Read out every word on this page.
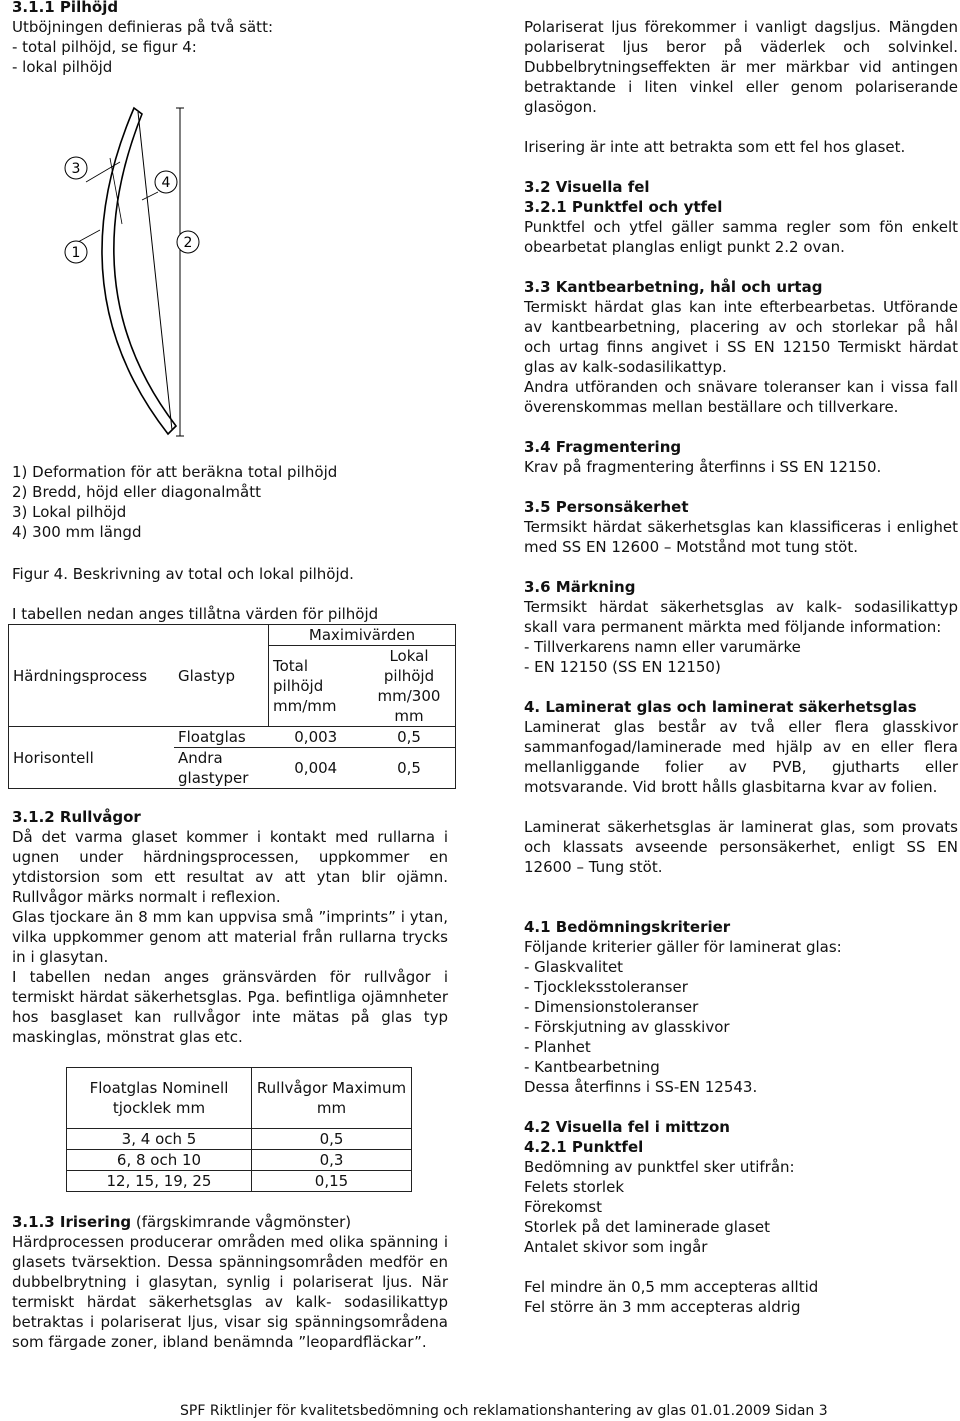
3.1.1 Pilhöjd

Utböjningen definieras på två sätt:

- total pilhöjd, se figur 4:

- lokal pilhöjd

3
4
1
2

1) Deformation för att beräkna total pilhöjd

2) Bredd, höjd eller diagonalmått

3) Lokal pilhöjd

4) 300 mm längd

Figur 4. Beskrivning av total och lokal pilhöjd.

I tabellen nedan anges tillåtna värden för pilhöjd

Härdningsprocess	Glastyp	Maximivärden	
		Total pilhöjd mm/mm	Lokal pilhöjd mm/300 mm
Horisontell	Floatglas	0,003	0,5
	Andra glastyper	0,004	0,5

3.1.2 Rullvågor

Då det varma glaset kommer i kontakt med rullarna i ugnen under härdningsprocessen, uppkommer en ytdistorsion som ett resultat av att ytan blir ojämn. Rullvågor märks normalt i reflexion.

Glas tjockare än 8 mm kan uppvisa små ”imprints” i ytan, vilka uppkommer genom att material från rullarna trycks in i glasytan.

I tabellen nedan anges gränsvärden för rullvågor i termiskt härdat säkerhetsglas. Pga. befintliga ojämnheter hos basglaset kan rullvågor inte mätas på glas typ maskinglas, mönstrat glas etc.

Floatglas Nominell tjocklek mm	Rullvågor Maximum mm
3, 4 och 5	0,5
6, 8 och 10	0,3
12, 15, 19, 25	0,15

3.1.3 Irisering (färgskimrande vågmönster)

Härdprocessen producerar områden med olika spänning i glasets tvärsektion. Dessa spänningsområden medför en dubbelbrytning i glasytan, synlig i polariserat ljus. När termiskt härdat säkerhetsglas av kalk- sodasilikattyp betraktas i polariserat ljus, visar sig spänningsområdena som färgade zoner, ibland benämnda ”leopardfläckar”.

Polariserat ljus förekommer i vanligt dagsljus. Mängden polariserat ljus beror på väderlek och solvinkel. Dubbelbrytningseffekten är mer märkbar vid antingen betraktande i liten vinkel eller genom polariserande glasögon.

Irisering är inte att betrakta som ett fel hos glaset.

3.2 Visuella fel

3.2.1 Punktfel och ytfel

Punktfel och ytfel gäller samma regler som fön enkelt obearbetat planglas enligt punkt 2.2 ovan.

3.3 Kantbearbetning, hål och urtag

Termiskt härdat glas kan inte efterbearbetas. Utförande av kantbearbetning, placering av och storlekar på hål och urtag finns angivet i SS EN 12150 Termiskt härdat glas av kalk-sodasilikattyp.

Andra utföranden och snävare toleranser kan i vissa fall överenskommas mellan beställare och tillverkare.

3.4 Fragmentering

Krav på fragmentering återfinns i SS EN 12150.

3.5 Personsäkerhet

Termsikt härdat säkerhetsglas kan klassificeras i enlighet med SS EN 12600 – Motstånd mot tung stöt.

3.6 Märkning

Termsikt härdat säkerhetsglas av kalk- sodasilikattyp skall vara permanent märkta med följande information:

- Tillverkarens namn eller varumärke

- EN 12150 (SS EN 12150)

4. Laminerat glas och laminerat säkerhetsglas

Laminerat glas består av två eller flera glasskivor sammanfogad/laminerade med hjälp av en eller flera mellanliggande folier av PVB, gjutharts eller motsvarande. Vid brott hålls glasbitarna kvar av folien.

Laminerat säkerhetsglas är laminerat glas, som provats och klassats avseende personsäkerhet, enligt SS EN 12600 – Tung stöt.

4.1 Bedömningskriterier

Följande kriterier gäller för laminerat glas:

- Glaskvalitet

- Tjockleksstoleranser

- Dimensionstoleranser

- Förskjutning av glasskivor

- Planhet

- Kantbearbetning

Dessa återfinns i SS-EN 12543.

4.2 Visuella fel i mittzon

4.2.1 Punktfel

Bedömning av punktfel sker utifrån:

Felets storlek

Förekomst

Storlek på det laminerade glaset

Antalet skivor som ingår

Fel mindre än 0,5 mm accepteras alltid

Fel större än 3 mm accepteras aldrig

SPF Riktlinjer för kvalitetsbedömning och reklamationshantering av glas 01.01.2009 Sidan 3
